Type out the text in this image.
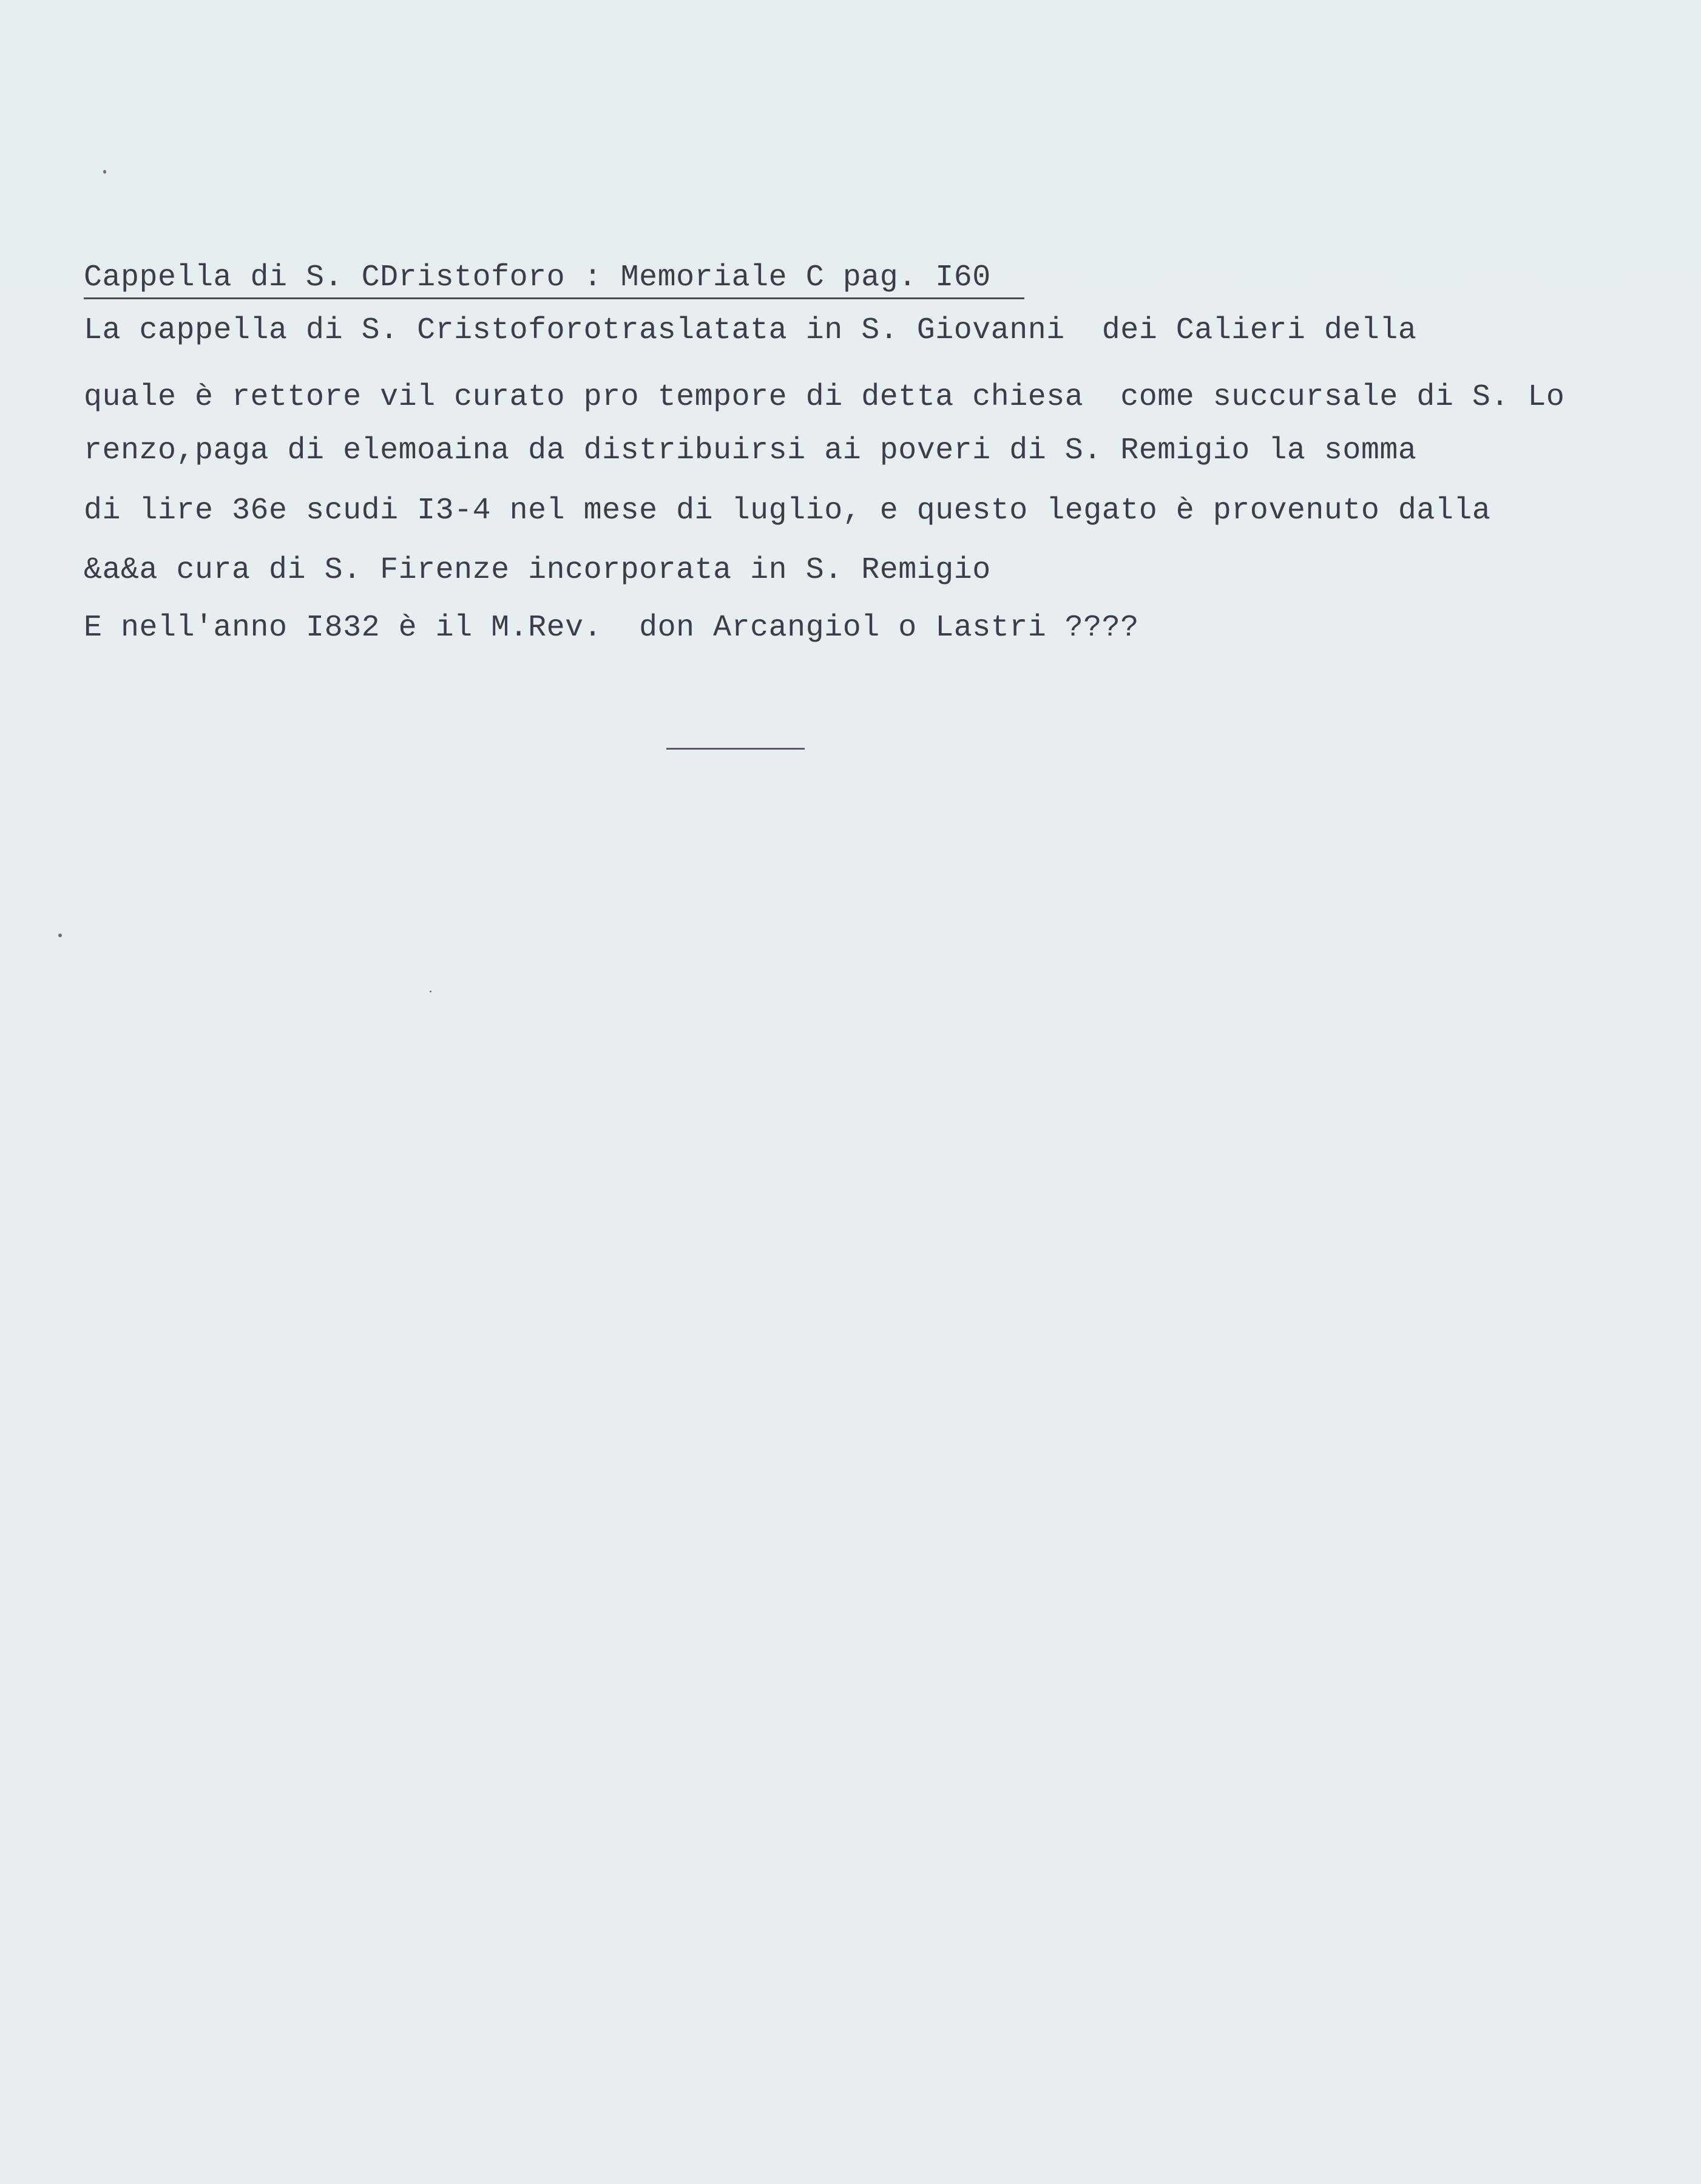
Cappella di S. CDristoforo : Memoriale C pag. I60
La cappella di S. Cristoforotraslatata in S. Giovanni  dei Calieri della
quale è rettore vil curato pro tempore di detta chiesa  come succursale di S. Lo
renzo,paga di elemoaina da distribuirsi ai poveri di S. Remigio la somma
di lire 36e scudi I3-4 nel mese di luglio, e questo legato è provenuto dalla
&a&a cura di S. Firenze incorporata in S. Remigio
E nell'anno I832 è il M.Rev.  don Arcangiol o Lastri ????
